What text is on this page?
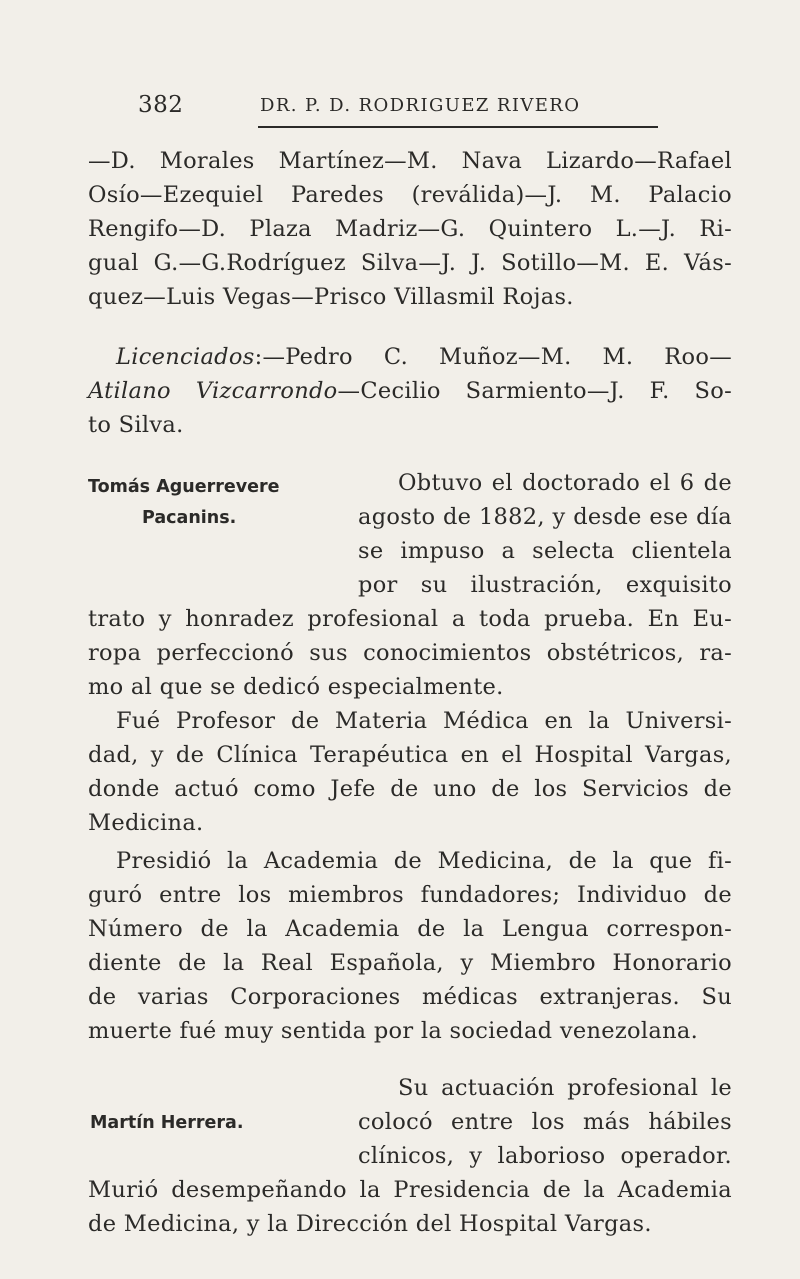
382	DR. P. D. RODRIGUEZ RIVERO
—D. Morales Martínez—M. Nava Lizardo—Rafael
Osío—Ezequiel Paredes (reválida)—J. M. Palacio
Rengifo—D. Plaza Madriz—G. Quintero L.—J. Ri-
gual G.—G.Rodríguez Silva—J. J. Sotillo—M. E. Vás-
quez—Luis Vegas—Prisco Villasmil Rojas.
Licenciados:—Pedro C. Muñoz—M. M. Roo—
Atilano Vizcarrondo—Cecilio Sarmiento—J. F. So-
to Silva.
Tomás Aguerrevere
Pacanins.
Obtuvo el doctorado el 6 de
agosto de 1882, y desde ese día
se impuso a selecta clientela
por su ilustración, exquisito
trato y honradez profesional a toda prueba. En Eu-
ropa perfeccionó sus conocimientos obstétricos, ra-
mo al que se dedicó especialmente.
Fué Profesor de Materia Médica en la Universi-
dad, y de Clínica Terapéutica en el Hospital Vargas,
donde actuó como Jefe de uno de los Servicios de
Medicina.
Presidió la Academia de Medicina, de la que fi-
guró entre los miembros fundadores; Individuo de
Número de la Academia de la Lengua correspon-
diente de la Real Española, y Miembro Honorario
de varias Corporaciones médicas extranjeras. Su
muerte fué muy sentida por la sociedad venezolana.
Martín Herrera.
Su actuación profesional le
colocó entre los más hábiles
clínicos, y laborioso operador.
Murió desempeñando la Presidencia de la Academia
de Medicina, y la Dirección del Hospital Vargas.
